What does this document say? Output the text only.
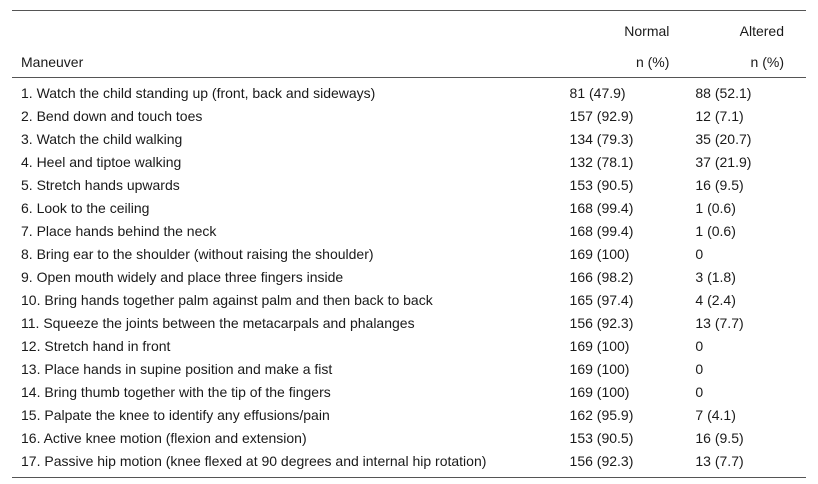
	Normal	Altered
Maneuver	n (%)	n (%)
1. Watch the child standing up (front, back and sideways)	81 (47.9)	88 (52.1)
2. Bend down and touch toes	157 (92.9)	12 (7.1)
3. Watch the child walking	134 (79.3)	35 (20.7)
4. Heel and tiptoe walking	132 (78.1)	37 (21.9)
5. Stretch hands upwards	153 (90.5)	16 (9.5)
6. Look to the ceiling	168 (99.4)	1 (0.6)
7. Place hands behind the neck	168 (99.4)	1 (0.6)
8. Bring ear to the shoulder (without raising the shoulder)	169 (100)	0
9. Open mouth widely and place three fingers inside	166 (98.2)	3 (1.8)
10. Bring hands together palm against palm and then back to back	165 (97.4)	4 (2.4)
11. Squeeze the joints between the metacarpals and phalanges	156 (92.3)	13 (7.7)
12. Stretch hand in front	169 (100)	0
13. Place hands in supine position and make a fist	169 (100)	0
14. Bring thumb together with the tip of the fingers	169 (100)	0
15. Palpate the knee to identify any effusions/pain	162 (95.9)	7 (4.1)
16. Active knee motion (flexion and extension)	153 (90.5)	16 (9.5)
17. Passive hip motion (knee flexed at 90 degrees and internal hip rotation)	156 (92.3)	13 (7.7)
